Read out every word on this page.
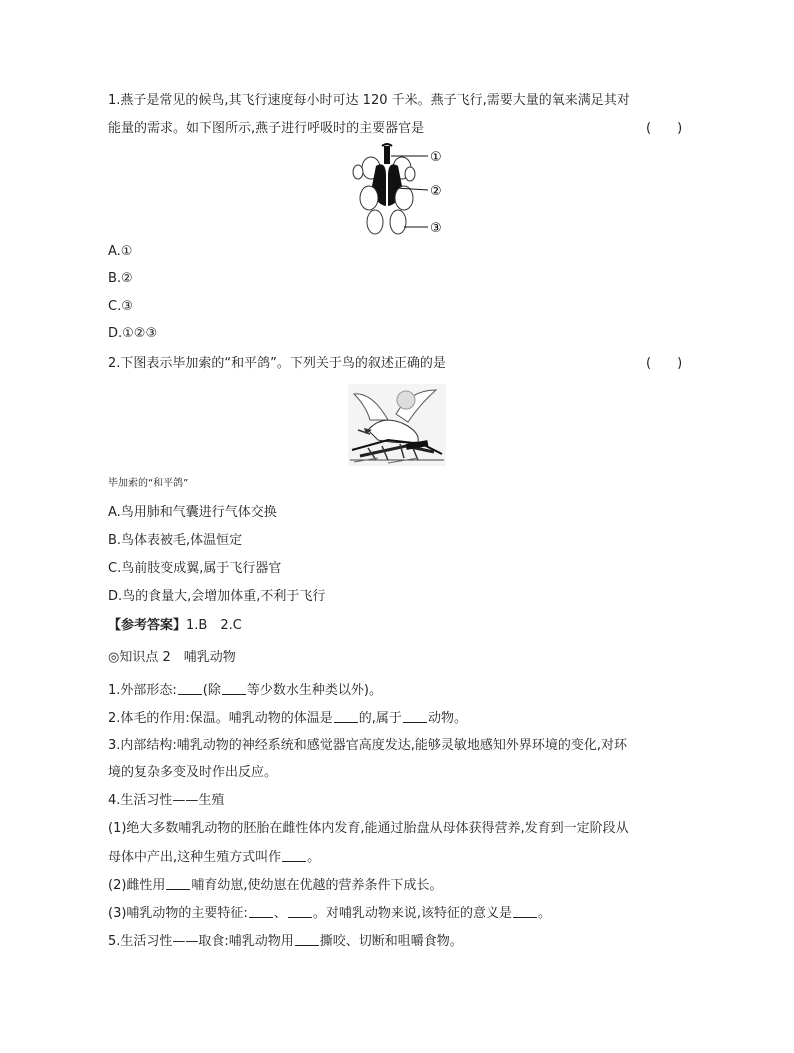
1.燕子是常见的候鸟,其飞行速度每小时可达 120 千米。燕子飞行,需要大量的氧来满足其对
能量的需求。如下图所示,燕子进行呼吸时的主要器官是	( )
①
②
③
A.①
B.②
C.③
D.①②③
2.下图表示毕加索的“和平鸽”。下列关于鸟的叙述正确的是	( )
毕加索的“和平鸽”
A.鸟用肺和气囊进行气体交换
B.鸟体表被毛,体温恒定
C.鸟前肢变成翼,属于飞行器官
D.鸟的食量大,会增加体重,不利于飞行
【参考答案】1.B　2.C
◎知识点 2　哺乳动物
1.外部形态: (除 等少数水生种类以外)。
2.体毛的作用:保温。哺乳动物的体温是 的,属于 动物。
3.内部结构:哺乳动物的神经系统和感觉器官高度发达,能够灵敏地感知外界环境的变化,对环
境的复杂多变及时作出反应。
4.生活习性——生殖
(1)绝大多数哺乳动物的胚胎在雌性体内发育,能通过胎盘从母体获得营养,发育到一定阶段从
母体中产出,这种生殖方式叫作 。
(2)雌性用 哺育幼崽,使幼崽在优越的营养条件下成长。
(3)哺乳动物的主要特征: 、 。对哺乳动物来说,该特征的意义是 。
5.生活习性——取食:哺乳动物用 撕咬、切断和咀嚼食物。
